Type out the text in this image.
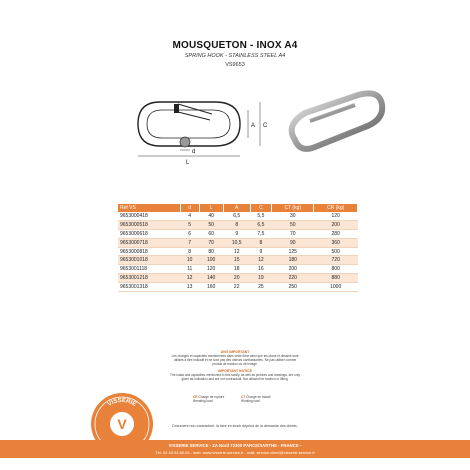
MOUSQUETON - INOX A4
SPRING HOOK - STAINLESS STEEL A4
VS9653
A C
d
L
Ref VS	d	L	A	C	CT (kg)	CR (kg)
9653000418	4	40	6,5	5,5	30	120
9653000518	5	50	8	6,5	50	200
9653000618	6	60	9	7,5	70	280
9653000718	7	70	10,5	8	90	360
9653000818	8	80	12	9	125	500
9653001018	10	100	15	12	180	720
9653001118	11	120	18	16	200	800
9653001218	12	140	20	19	220	880
9653001318	13	160	22	25	250	1000
AVIS IMPORTANT
Les charges et capacités mentionnées dans cette fiche ainsi que les plans et dessins sont utilisés à titre indicatif et ne sont pas des valeurs contractuelles. Ne pas utiliser comme produit de traction ou de levage.
IMPORTANT NOTICE
The loads and capacities mentioned in this family, as well as pictures and drawings, are only given as indication and are not contractual. Not allowed for traction or lifting.
CR Charge de rupture
Breaking load
CT Charge de travail
Working load
Document non contractuel, la taxe en stock dépend de la demande des clients.
V
VISSERIE
VISSERIE SERVICE - ZA Nord 72300 PARCE/SARTHE - FRANCE -
Tél: 02.43.94.80.04 - web: www.visserie-service.fr - mail: service.client@visserie-service.fr
